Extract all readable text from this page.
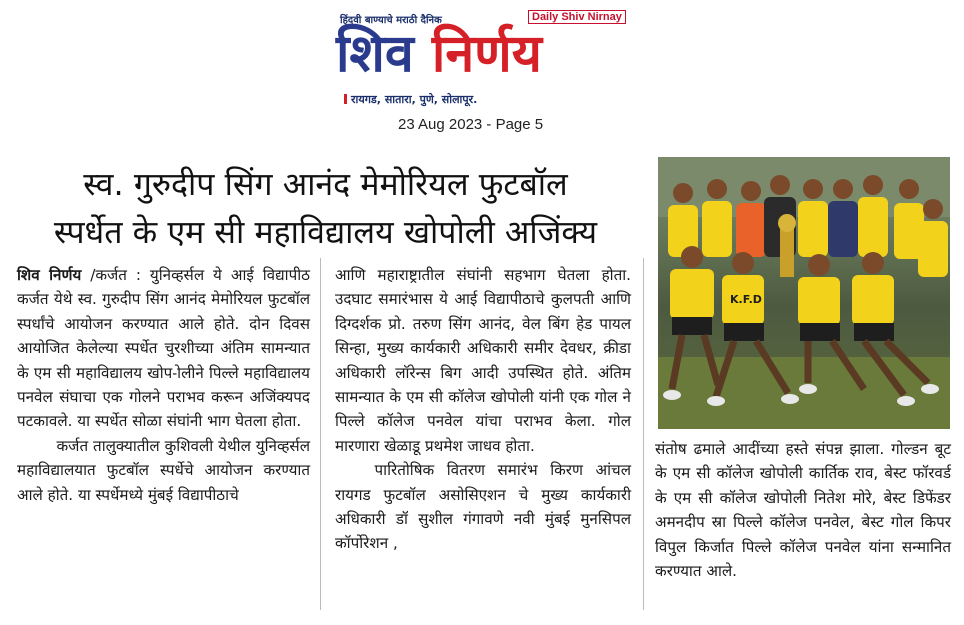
हिंदवी बाण्याचे मराठी दैनिक	Daily Shiv Nirnay
शिव निर्णय
रायगड, सातारा, पुणे, सोलापूर.
23 Aug 2023 - Page 5
स्व. गुरुदीप सिंग आनंद मेमोरियल फुटबॉल
स्पर्धेत के एम सी महाविद्यालय खोपोली अजिंक्य

शिव निर्णय /कर्जत : युनिव्हर्सल ये आई विद्यापीठ कर्जत येथे स्व. गुरुदीप सिंग आनंद मेमोरियल फुटबॉल स्पर्धांचे आयोजन करण्यात आले होते. दोन दिवस आयोजित केलेल्या स्पर्धेत चुरशीच्या अंतिम सामन्यात के एम सी महाविद्यालय खोप-ोलीने पिल्ले महाविद्यालय पनवेल संघाचा एक गोलने पराभव करून अजिंक्यपद पटकावले. या स्पर्धेत सोळा संघांनी भाग घेतला होता.

कर्जत तालुक्यातील कुशिवली येथील युनिव्हर्सल महाविद्यालयात फुटबॉल स्पर्धेचे आयोजन करण्यात आले होते. या स्पर्धेमध्ये मुंबई विद्यापीठाचे

आणि महाराष्ट्रातील संघांनी सहभाग घेतला होता. उदघाट समारंभास ये आई विद्यापीठाचे कुलपती आणि दिग्दर्शक प्रो. तरुण सिंग आनंद, वेल बिंग हेड पायल सिन्हा, मुख्य कार्यकारी अधिकारी समीर देवधर, क्रीडा अधिकारी लॉरेन्स बिग आदी उपस्थित होते. अंतिम सामन्यात के एम सी कॉलेज खोपोली यांनी एक गोल ने पिल्ले कॉलेज पनवेल यांचा पराभव केला. गोल मारणारा खेळाडू प्रथमेश जाधव होता.

पारितोषिक वितरण समारंभ किरण आंचल रायगड फुटबॉल असोसिएशन चे मुख्य कार्यकारी अधिकारी डॉ सुशील गंगावणे नवी मुंबई मुनसिपल कॉर्पोरेशन ,

K.F.D

संतोष ढमाले आदींच्या हस्ते संपन्न झाला. गोल्डन बूट के एम सी कॉलेज खोपोली कार्तिक राव, बेस्ट फॉरवर्ड के एम सी कॉलेज खोपोली नितेश मोरे, बेस्ट डिफेंडर अमनदीप स्रा पिल्ले कॉलेज पनवेल, बेस्ट गोल किपर विपुल किर्जात पिल्ले कॉलेज पनवेल यांना सन्मानित करण्यात आले.
